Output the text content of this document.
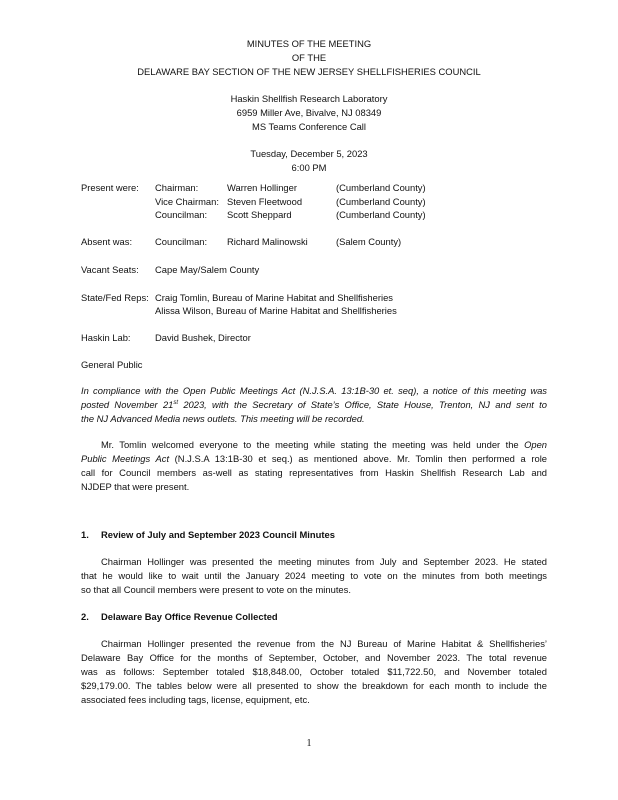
MINUTES OF THE MEETING
OF THE
DELAWARE BAY SECTION OF THE NEW JERSEY SHELLFISHERIES COUNCIL
Haskin Shellfish Research Laboratory
6959 Miller Ave, Bivalve, NJ 08349
MS Teams Conference Call
Tuesday, December 5, 2023
6:00 PM
Present were: Chairman:	Warren Hollinger	(Cumberland County)
Vice Chairman: Steven Fleetwood	(Cumberland County)
Councilman: Scott Sheppard	(Cumberland County)
Absent was: Councilman: Richard Malinowski	(Salem County)
Vacant Seats: Cape May/Salem County
State/Fed Reps: Craig Tomlin, Bureau of Marine Habitat and Shellfisheries
Alissa Wilson, Bureau of Marine Habitat and Shellfisheries
Haskin Lab:	David Bushek, Director
General Public
In compliance with the Open Public Meetings Act (N.J.S.A. 13:1B-30 et. seq), a notice of this meeting was
posted November 21st 2023, with the Secretary of State’s Office, State House, Trenton, NJ and sent to
the NJ Advanced Media news outlets. This meeting will be recorded.
Mr. Tomlin welcomed everyone to the meeting while stating the meeting was held under the Open
Public Meetings Act (N.J.S.A 13:1B-30 et seq.) as mentioned above. Mr. Tomlin then performed a role
call for Council members as-well as stating representatives from Haskin Shellfish Research Lab and
NJDEP that were present.
1. Review of July and September 2023 Council Minutes
Chairman Hollinger was presented the meeting minutes from July and September 2023. He stated
that he would like to wait until the January 2024 meeting to vote on the minutes from both meetings
so that all Council members were present to vote on the minutes.
2. Delaware Bay Office Revenue Collected
Chairman Hollinger presented the revenue from the NJ Bureau of Marine Habitat & Shellfisheries’
Delaware Bay Office for the months of September, October, and November 2023. The total revenue
was as follows: September totaled $18,848.00, October totaled $11,722.50, and November totaled
$29,179.00. The tables below were all presented to show the breakdown for each month to include the
associated fees including tags, license, equipment, etc.
1
